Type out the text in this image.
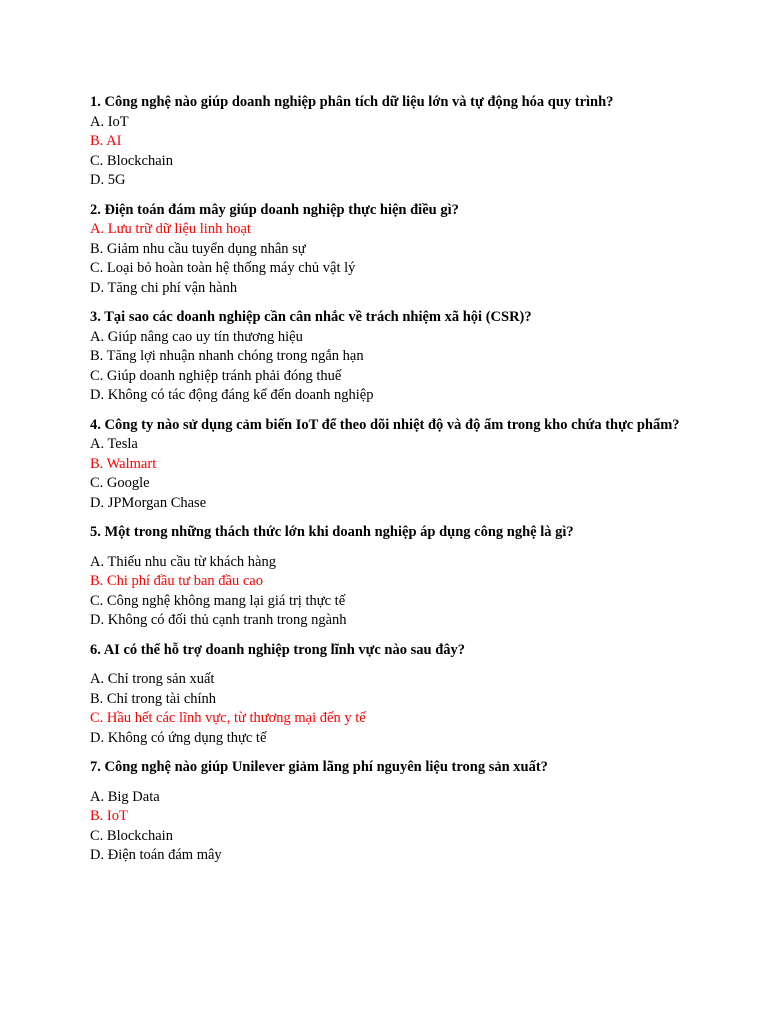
1. Công nghệ nào giúp doanh nghiệp phân tích dữ liệu lớn và tự động hóa quy trình?

A. IoT

B. AI

C. Blockchain

D. 5G

2. Điện toán đám mây giúp doanh nghiệp thực hiện điều gì?

A. Lưu trữ dữ liệu linh hoạt

B. Giảm nhu cầu tuyển dụng nhân sự

C. Loại bỏ hoàn toàn hệ thống máy chủ vật lý

D. Tăng chi phí vận hành

3. Tại sao các doanh nghiệp cần cân nhắc về trách nhiệm xã hội (CSR)?

A. Giúp nâng cao uy tín thương hiệu

B. Tăng lợi nhuận nhanh chóng trong ngắn hạn

C. Giúp doanh nghiệp tránh phải đóng thuế

D. Không có tác động đáng kể đến doanh nghiệp

4. Công ty nào sử dụng cảm biến IoT để theo dõi nhiệt độ và độ ẩm trong kho chứa thực phẩm?

A. Tesla

B. Walmart

C. Google

D. JPMorgan Chase

5. Một trong những thách thức lớn khi doanh nghiệp áp dụng công nghệ là gì?

A. Thiếu nhu cầu từ khách hàng

B. Chi phí đầu tư ban đầu cao

C. Công nghệ không mang lại giá trị thực tế

D. Không có đối thủ cạnh tranh trong ngành

6. AI có thể hỗ trợ doanh nghiệp trong lĩnh vực nào sau đây?

A. Chỉ trong sản xuất

B. Chỉ trong tài chính

C. Hầu hết các lĩnh vực, từ thương mại đến y tế

D. Không có ứng dụng thực tế

7. Công nghệ nào giúp Unilever giảm lãng phí nguyên liệu trong sản xuất?

A. Big Data

B. IoT

C. Blockchain

D. Điện toán đám mây
